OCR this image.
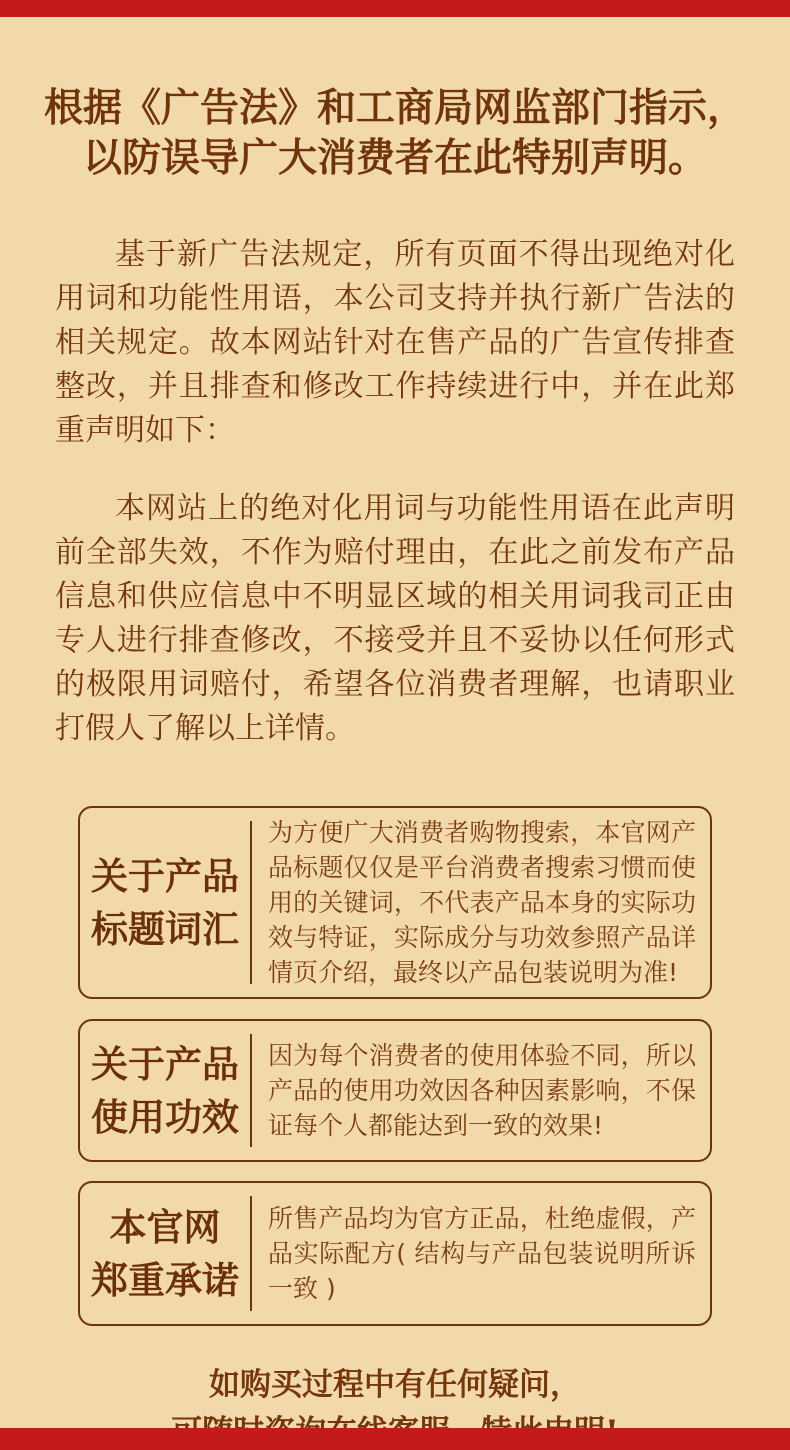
根据《广告法》和工商局网监部门指示，
以防误导广大消费者在此特别声明。

基于新广告法规定，所有页面不得出现绝对化用词和功能性用语，本公司支持并执行新广告法的相关规定。故本网站针对在售产品的广告宣传排查整改，并且排查和修改工作持续进行中，并在此郑重声明如下：

本网站上的绝对化用词与功能性用语在此声明前全部失效，不作为赔付理由，在此之前发布产品信息和供应信息中不明显区域的相关用词我司正由专人进行排查修改，不接受并且不妥协以任何形式的极限用词赔付，希望各位消费者理解，也请职业打假人了解以上详情。

关于产品
标题词汇
为方便广大消费者购物搜索，本官网产品标题仅仅是平台消费者搜索习惯而使用的关键词，不代表产品本身的实际功效与特证，实际成分与功效参照产品详情页介绍，最终以产品包装说明为准!
关于产品
使用功效
因为每个消费者的使用体验不同，所以产品的使用功效因各种因素影响，不保证每个人都能达到一致的效果!
本官网
郑重承诺
所售产品均为官方正品，杜绝虚假，产品实际配方( 结构与产品包装说明所诉一致 )
如购买过程中有任何疑问，
